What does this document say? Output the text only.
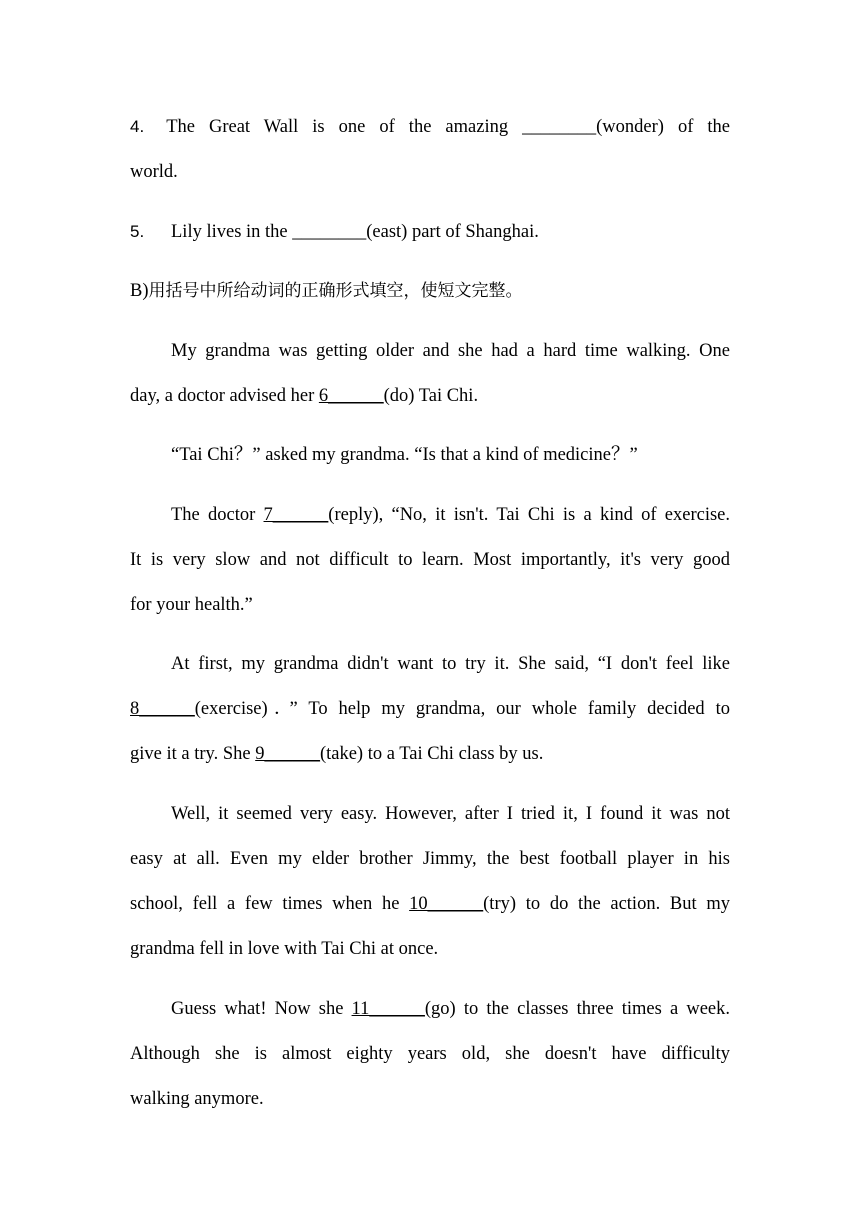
4. The Great Wall is one of the amazing ________(wonder) of the
world.
5. Lily lives in the ________(east) part of Shanghai.
B)用括号中所给动词的正确形式填空，使短文完整。
My grandma was getting older and she had a hard time walking. One
day, a doctor advised her 6______(do) Tai Chi.
“Tai Chi？” asked my grandma. “Is that a kind of medicine？”
The doctor 7______(reply), “No, it isn't. Tai Chi is a kind of exercise.
It is very slow and not difficult to learn. Most importantly, it's very good
for your health.”
At first, my grandma didn't want to try it. She said, “I don't feel like
8______(exercise)．” To help my grandma, our whole family decided to
give it a try. She 9______(take) to a Tai Chi class by us.
Well, it seemed very easy. However, after I tried it, I found it was not
easy at all. Even my elder brother Jimmy, the best football player in his
school, fell a few times when he 10______(try) to do the action. But my
grandma fell in love with Tai Chi at once.
Guess what! Now she 11______(go) to the classes three times a week.
Although she is almost eighty years old, she doesn't have difficulty
walking anymore.
